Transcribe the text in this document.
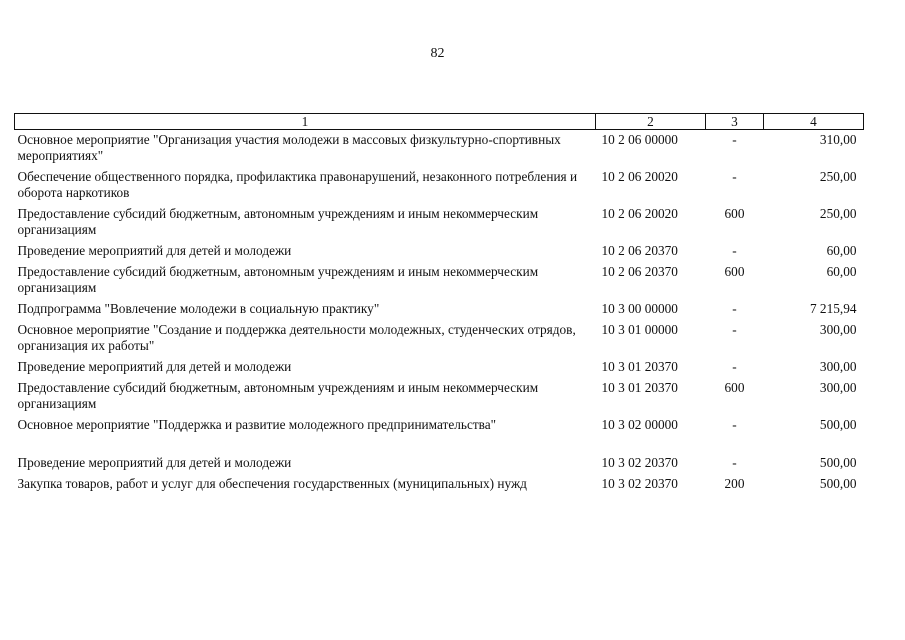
82
1	2	3	4
Основное мероприятие "Организация участия молодежи в массовых физкультурно-спортивных мероприятиях"	10 2 06 00000	-	310,00
Обеспечение общественного порядка, профилактика правонарушений, незаконного потребления и оборота наркотиков	10 2 06 20020	-	250,00
Предоставление субсидий бюджетным, автономным учреждениям и иным некоммерческим организациям	10 2 06 20020	600	250,00
Проведение мероприятий для детей и молодежи	10 2 06 20370	-	60,00
Предоставление субсидий бюджетным, автономным учреждениям и иным некоммерческим организациям	10 2 06 20370	600	60,00
Подпрограмма "Вовлечение молодежи в социальную практику"	10 3 00 00000	-	7 215,94
Основное мероприятие "Создание и поддержка деятельности молодежных, студенческих отрядов, организация их работы"	10 3 01 00000	-	300,00
Проведение мероприятий для детей и молодежи	10 3 01 20370	-	300,00
Предоставление субсидий бюджетным, автономным учреждениям и иным некоммерческим организациям	10 3 01 20370	600	300,00
Основное мероприятие "Поддержка и развитие молодежного предпринимательства"	10 3 02 00000	-	500,00
Проведение мероприятий для детей и молодежи	10 3 02 20370	-	500,00
Закупка товаров, работ и услуг для обеспечения государственных (муниципальных) нужд	10 3 02 20370	200	500,00
